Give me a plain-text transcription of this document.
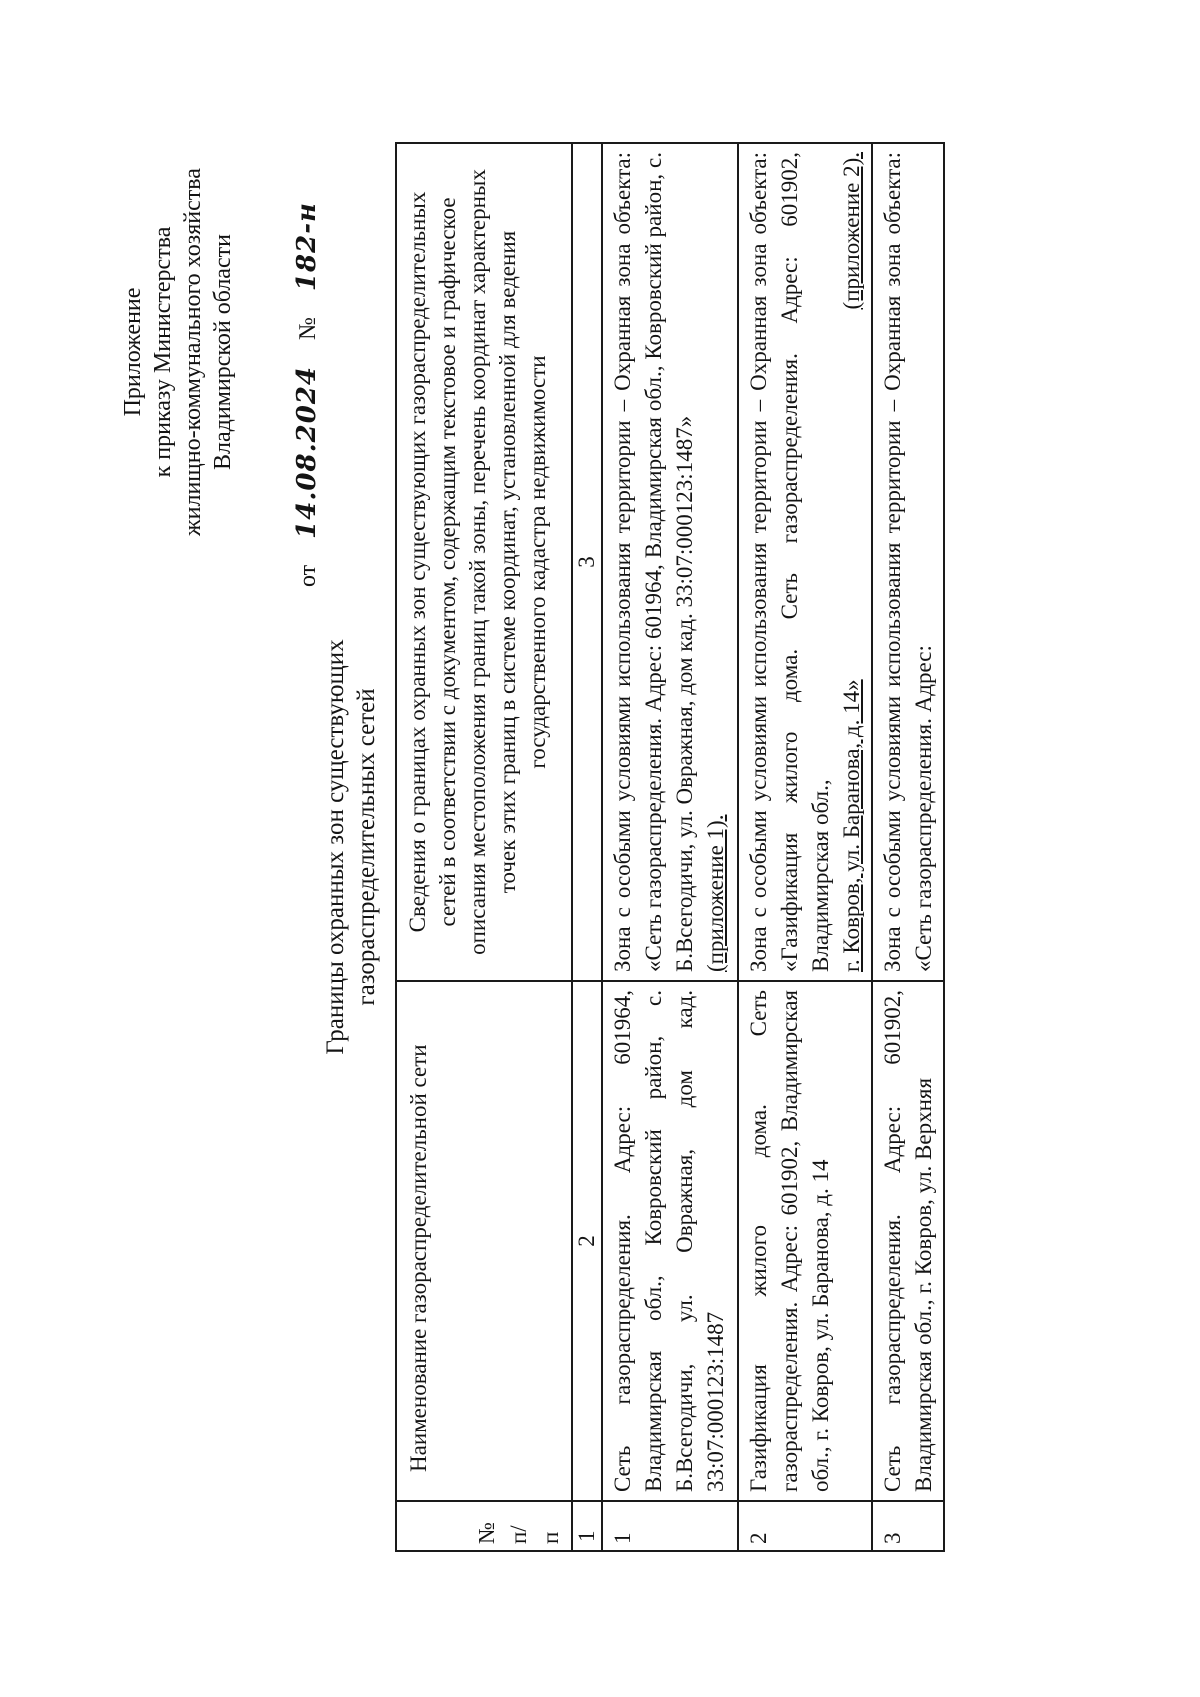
Приложение к приказу Министерства жилищно-коммунального хозяйства Владимирской области
от  14.08.2024  №  182-н
Границы охранных зон существующих газораспределительных сетей
№ п/п	Наименование газораспределительной сети	Сведения о границах охранных зон существующих газораспределительных сетей в соответствии с документом, содержащим текстовое и графическое описания местоположения границ такой зоны, перечень координат характерных точек этих границ в системе координат, установленной для ведения государственного кадастра недвижимости

1	2	3
1	Сеть газораспределения. Адрес: 601964, Владимирская обл., Ковровский район, с. Б.Всегодичи, ул. Овражная, дом кад. 33:07:000123:1487	Зона с особыми условиями использования территории – Охранная зона объекта: «Сеть газораспределения. Адрес: 601964, Владимирская обл., Ковровский район, с. Б.Всегодичи, ул. Овражная, дом кад. 33:07:000123:1487» (приложение 1).

2	Газификация жилого дома. Сеть газораспределения. Адрес: 601902, Владимирская обл., г. Ковров, ул. Баранова, д. 14	Зона с особыми условиями использования территории – Охранная зона объекта: «Газификация жилого дома. Сеть газораспределения. Адрес: 601902, Владимирская обл., г. Ковров, ул. Баранова, д. 14»
(приложение 2).

3	Сеть газораспределения. Адрес: 601902, Владимирская обл., г. Ковров, ул. Верхняя	Зона с особыми условиями использования территории – Охранная зона объекта: «Сеть газораспределения. Адрес:
